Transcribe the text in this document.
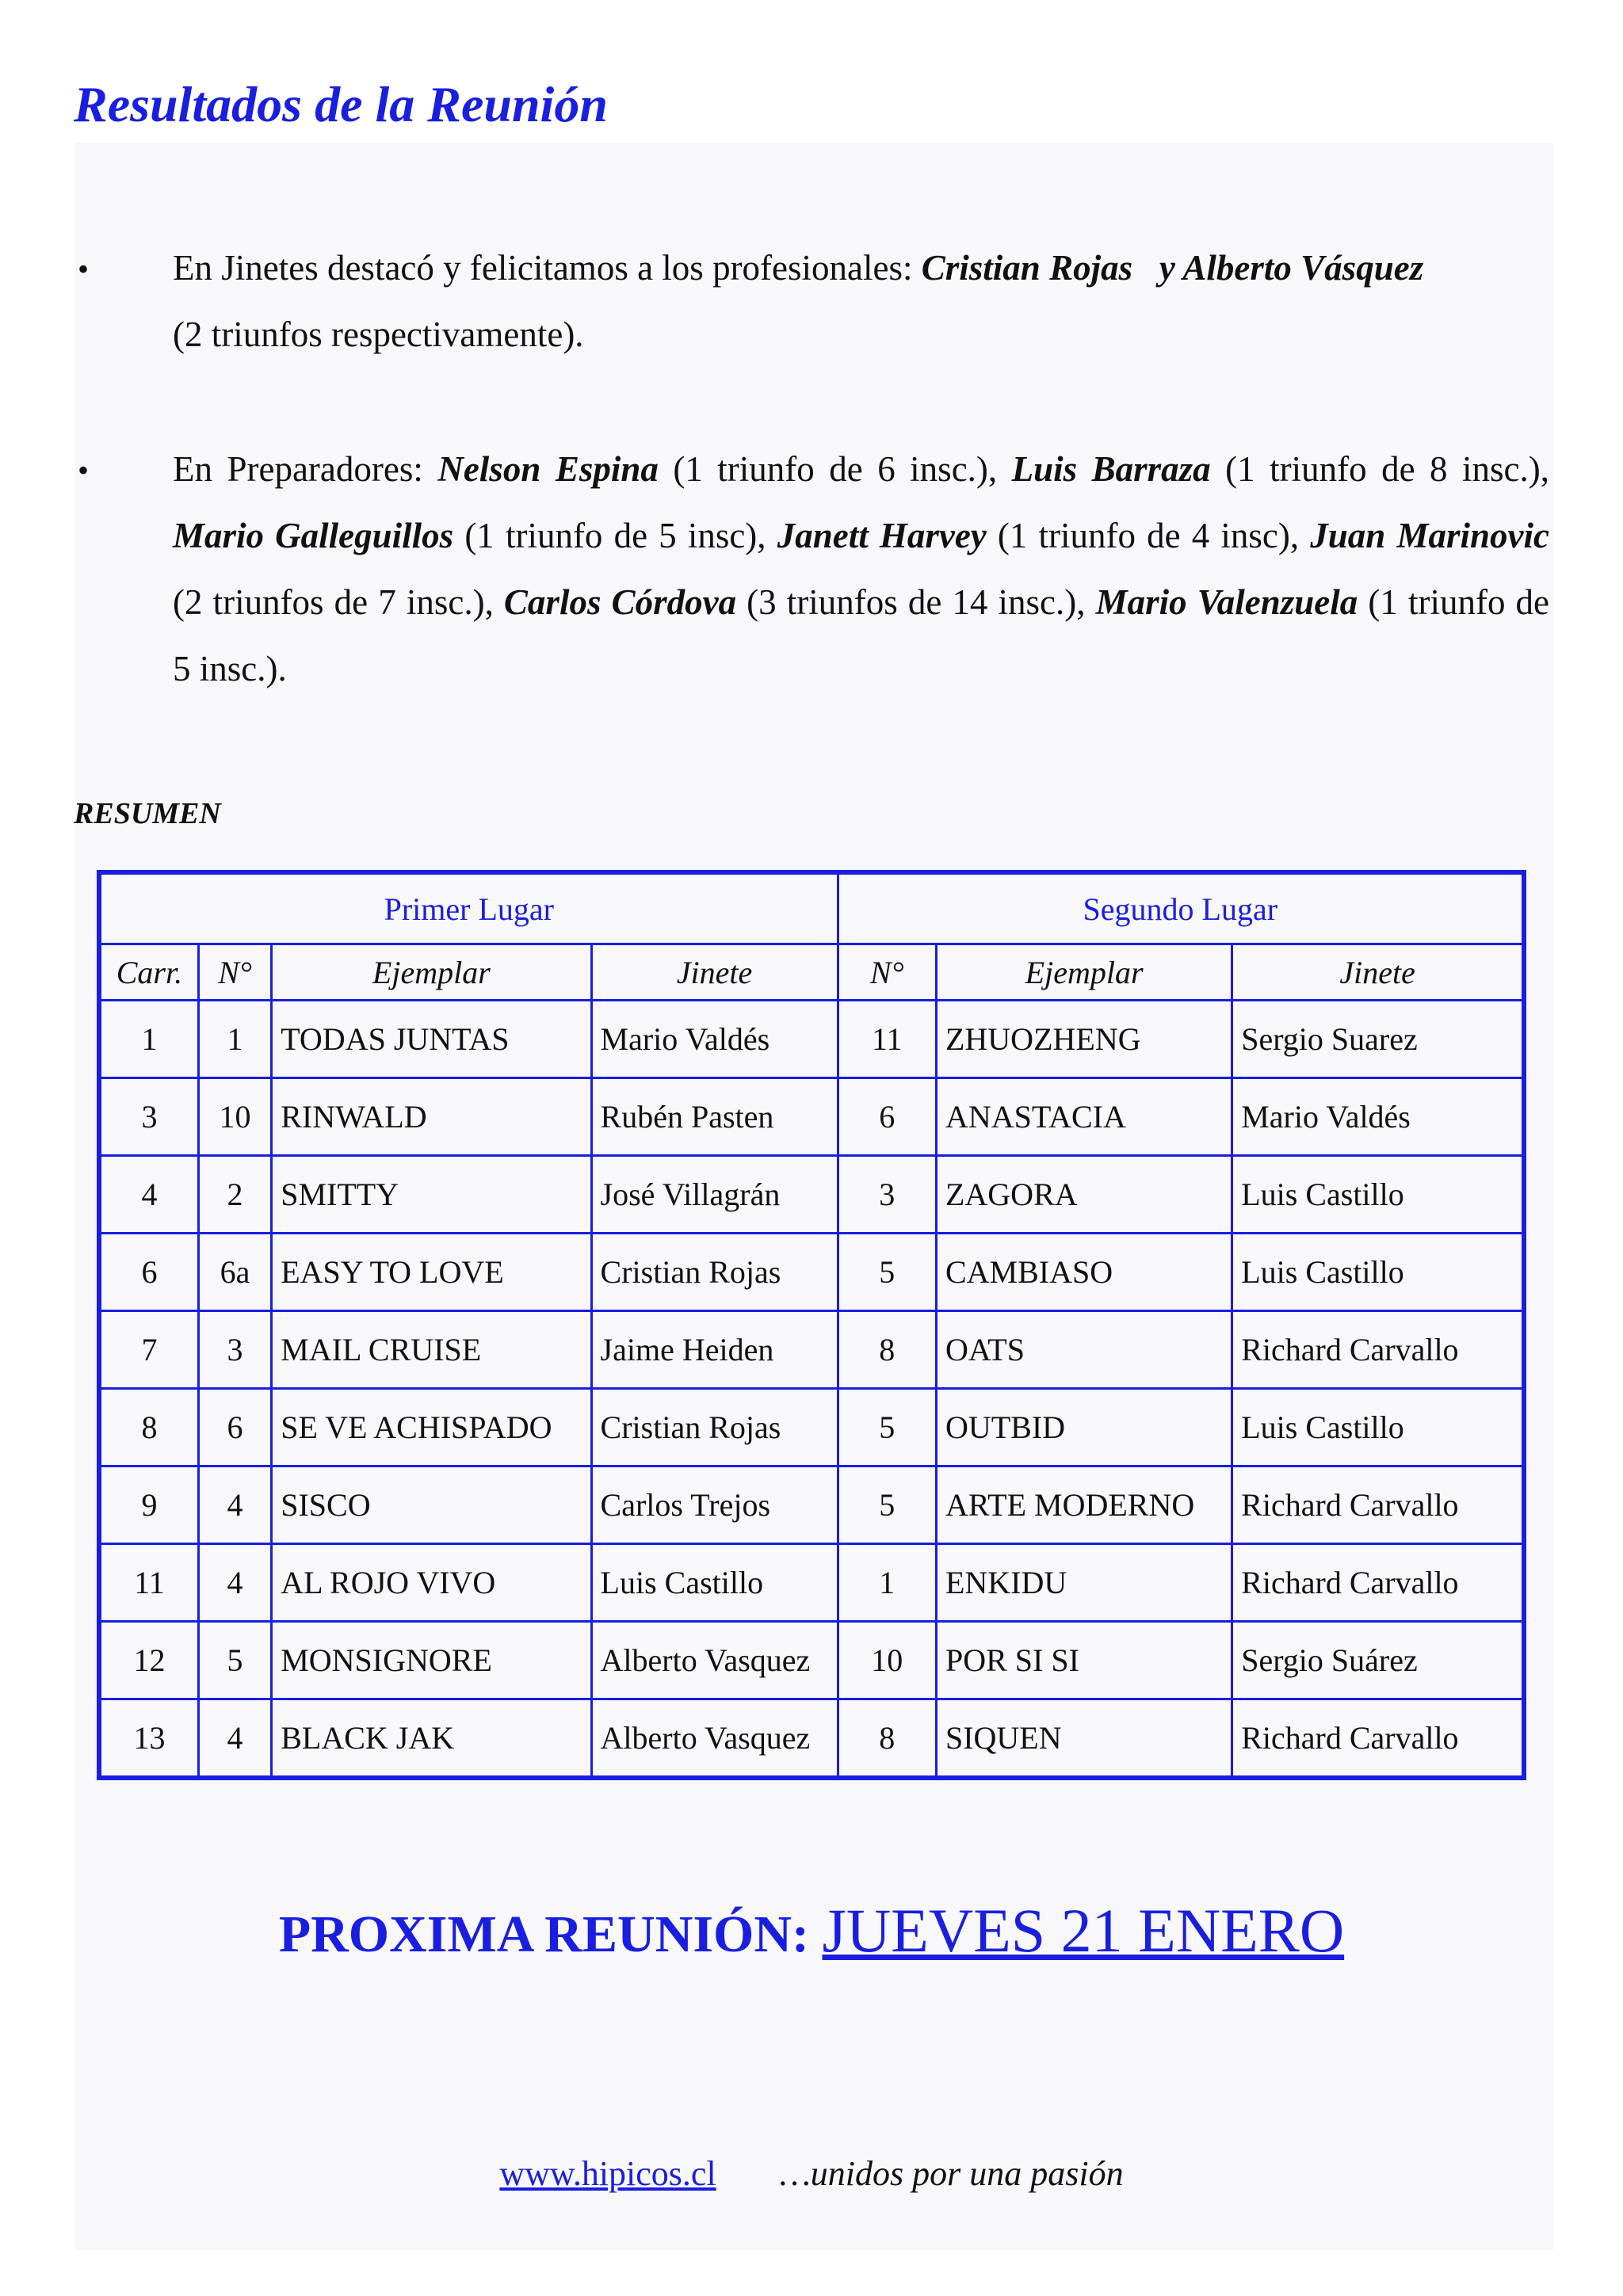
Resultados de la Reunión
• En Jinetes destacó y felicitamos a los profesionales: Cristian Rojas y Alberto Vásquez
(2 triunfos respectivamente).
• En Preparadores: Nelson Espina (1 triunfo de 6 insc.), Luis Barraza (1 triunfo de 8 insc.), Mario Galleguillos (1 triunfo de 5 insc), Janett Harvey (1 triunfo de 4 insc), Juan Marinovic (2 triunfos de 7 insc.), Carlos Córdova (3 triunfos de 14 insc.), Mario Valenzuela (1 triunfo de 5 insc.).
RESUMEN
Primer Lugar				Segundo Lugar		
Carr.	N°	Ejemplar	Jinete	N°	Ejemplar	Jinete
1	1	TODAS JUNTAS	Mario Valdés	11	ZHUOZHENG	Sergio Suarez
3	10	RINWALD	Rubén Pasten	6	ANASTACIA	Mario Valdés
4	2	SMITTY	José Villagrán	3	ZAGORA	Luis Castillo
6	6a	EASY TO LOVE	Cristian Rojas	5	CAMBIASO	Luis Castillo
7	3	MAIL CRUISE	Jaime Heiden	8	OATS	Richard Carvallo
8	6	SE VE ACHISPADO	Cristian Rojas	5	OUTBID	Luis Castillo
9	4	SISCO	Carlos Trejos	5	ARTE MODERNO	Richard Carvallo
11	4	AL ROJO VIVO	Luis Castillo	1	ENKIDU	Richard Carvallo
12	5	MONSIGNORE	Alberto Vasquez	10	POR SI SI	Sergio Suárez
13	4	BLACK JAK	Alberto Vasquez	8	SIQUEN	Richard Carvallo
PROXIMA REUNIÓN: JUEVES 21 ENERO
www.hipicos.cl …unidos por una pasión
